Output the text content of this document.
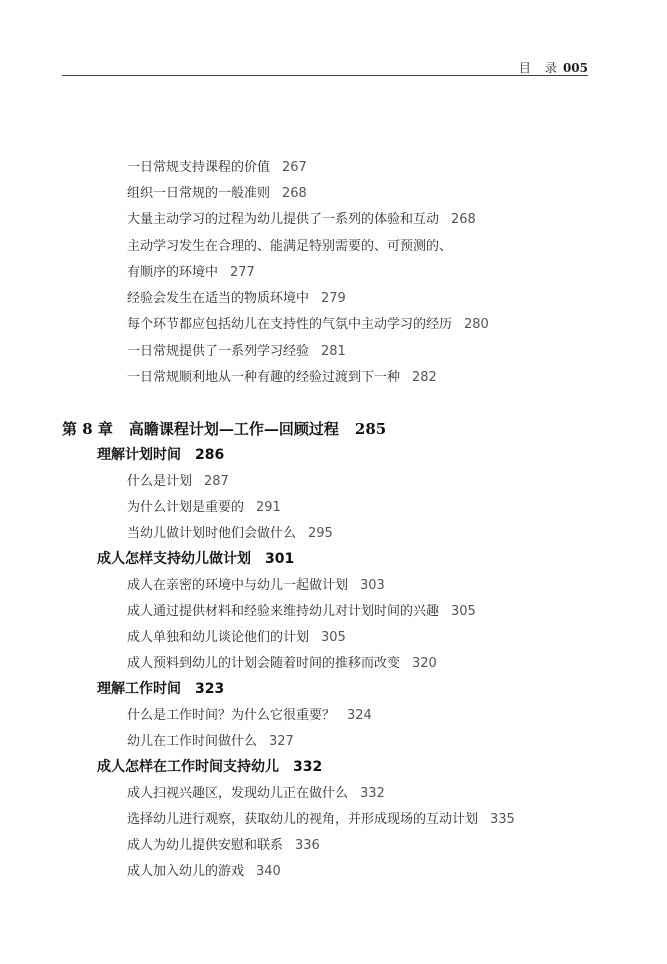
目 录 005
一日常规支持课程的价值 267
组织一日常规的一般准则 268
大量主动学习的过程为幼儿提供了一系列的体验和互动 268
主动学习发生在合理的、能满足特别需要的、可预测的、
有顺序的环境中 277
经验会发生在适当的物质环境中 279
每个环节都应包括幼儿在支持性的气氛中主动学习的经历 280
一日常规提供了一系列学习经验 281
一日常规顺利地从一种有趣的经验过渡到下一种 282
第 8 章 高瞻课程计划—工作—回顾过程 285
理解计划时间 286
什么是计划 287
为什么计划是重要的 291
当幼儿做计划时他们会做什么 295
成人怎样支持幼儿做计划 301
成人在亲密的环境中与幼儿一起做计划 303
成人通过提供材料和经验来维持幼儿对计划时间的兴趣 305
成人单独和幼儿谈论他们的计划 305
成人预料到幼儿的计划会随着时间的推移而改变 320
理解工作时间 323
什么是工作时间？为什么它很重要？ 324
幼儿在工作时间做什么 327
成人怎样在工作时间支持幼儿 332
成人扫视兴趣区，发现幼儿正在做什么 332
选择幼儿进行观察，获取幼儿的视角，并形成现场的互动计划 335
成人为幼儿提供安慰和联系 336
成人加入幼儿的游戏 340
